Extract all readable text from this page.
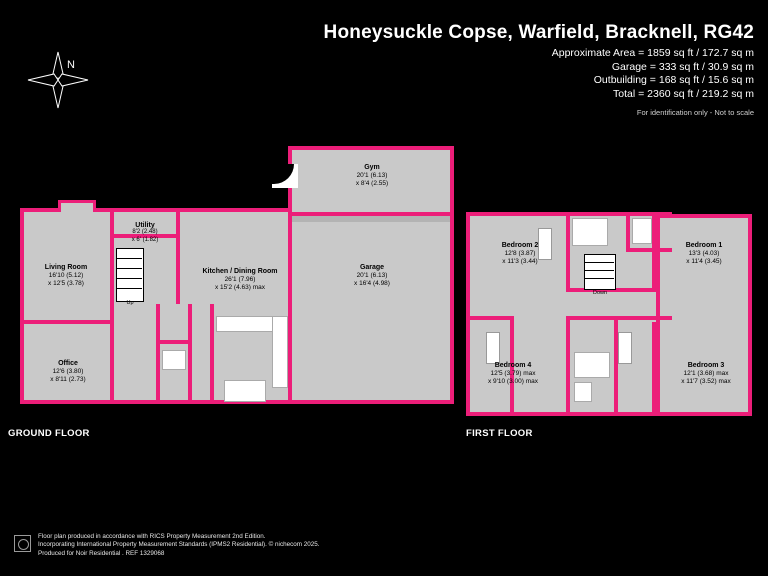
Honeysuckle Copse, Warfield, Bracknell, RG42
Approximate Area = 1859 sq ft / 172.7 sq m
Garage = 333 sq ft / 30.9 sq m
Outbuilding = 168 sq ft / 15.6 sq m
Total = 2360 sq ft / 219.2 sq m
For identification only - Not to scale
N
Gym
20'1 (6.13)
x 8'4 (2.55)
Utility
8'2 (2.48)
x 6' (1.82)
Living Room
16'10 (5.12)
x 12'5 (3.78)
Kitchen / Dining Room
26'1 (7.96)
x 15'2 (4.63) max
Garage
20'1 (6.13)
x 16'4 (4.98)
Office
12'6 (3.80)
x 8'11 (2.73)
Up
Down
Bedroom 2
12'8 (3.87)
x 11'3 (3.44)
Bedroom 1
13'3 (4.03)
x 11'4 (3.45)
Bedroom 4
12'5 (3.79) max
x 9'10 (3.00) max
Bedroom 3
12'1 (3.68) max
x 11'7 (3.52) max
GROUND FLOOR	FIRST FLOOR
Floor plan produced in accordance with RICS Property Measurement 2nd Edition.
Incorporating International Property Measurement Standards (IPMS2 Residential). © nichecom 2025.
Produced for Noir Residential . REF 1329068
